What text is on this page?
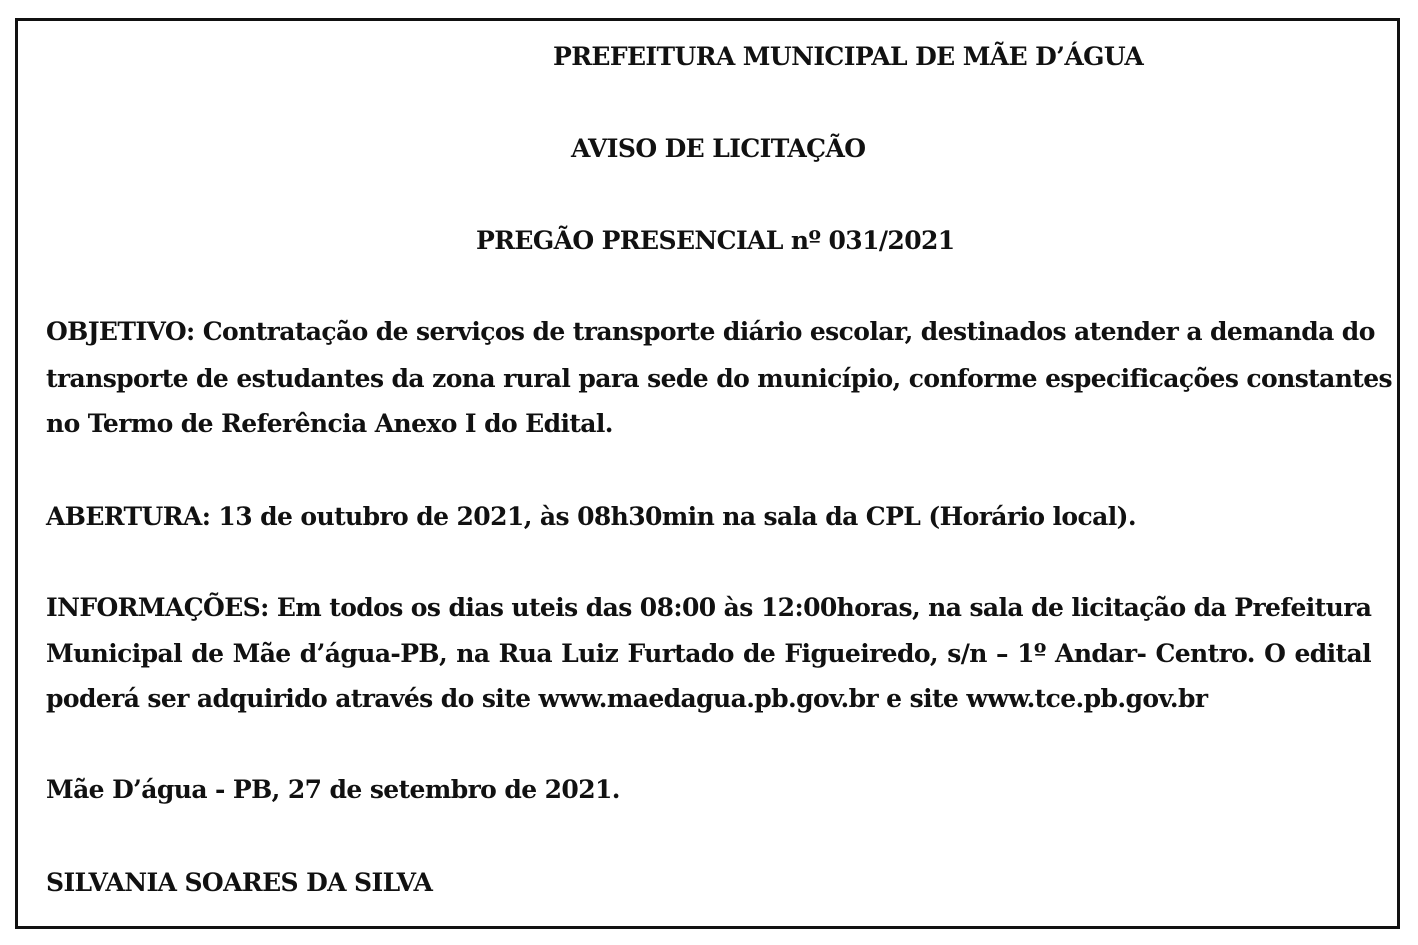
PREFEITURA MUNICIPAL DE MÃE D’ÁGUA
AVISO DE LICITAÇÃO
PREGÃO PRESENCIAL nº 031/2021
OBJETIVO: Contratação de serviços de transporte diário escolar, destinados atender a demanda do
transporte de estudantes da zona rural para sede do município, conforme especificações constantes
no Termo de Referência Anexo I do Edital.
ABERTURA: 13 de outubro de 2021, às 08h30min na sala da CPL (Horário local).
INFORMAÇÕES: Em todos os dias uteis das 08:00 às 12:00horas, na sala de licitação da Prefeitura
Municipal de Mãe d’água-PB, na Rua Luiz Furtado de Figueiredo, s/n – 1º Andar- Centro. O edital
poderá ser adquirido através do site www.maedagua.pb.gov.br e site www.tce.pb.gov.br
Mãe D’água - PB, 27 de setembro de 2021.
SILVANIA SOARES DA SILVA
